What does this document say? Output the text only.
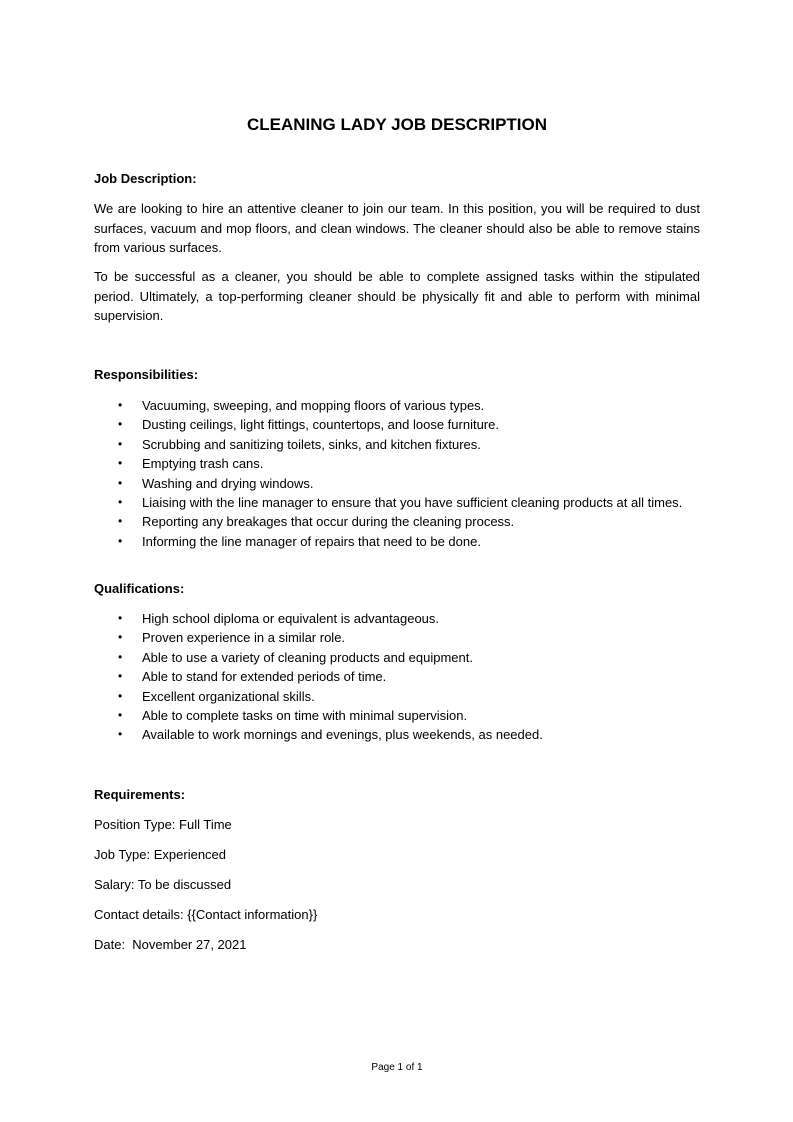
CLEANING LADY JOB DESCRIPTION
Job Description:

We are looking to hire an attentive cleaner to join our team. In this position, you will be required to dust surfaces, vacuum and mop floors, and clean windows. The cleaner should also be able to remove stains from various surfaces.

To be successful as a cleaner, you should be able to complete assigned tasks within the stipulated period. Ultimately, a top-performing cleaner should be physically fit and able to perform with minimal supervision.

Responsibilities:
• Vacuuming, sweeping, and mopping floors of various types.
• Dusting ceilings, light fittings, countertops, and loose furniture.
• Scrubbing and sanitizing toilets, sinks, and kitchen fixtures.
• Emptying trash cans.
• Washing and drying windows.
• Liaising with the line manager to ensure that you have sufficient cleaning products at all times.
• Reporting any breakages that occur during the cleaning process.
• Informing the line manager of repairs that need to be done.
Qualifications:
• High school diploma or equivalent is advantageous.
• Proven experience in a similar role.
• Able to use a variety of cleaning products and equipment.
• Able to stand for extended periods of time.
• Excellent organizational skills.
• Able to complete tasks on time with minimal supervision.
• Available to work mornings and evenings, plus weekends, as needed.
Requirements:
Position Type: Full Time
Job Type: Experienced
Salary: To be discussed
Contact details: {{Contact information}}
Date:  November 27, 2021
Page 1 of 1
